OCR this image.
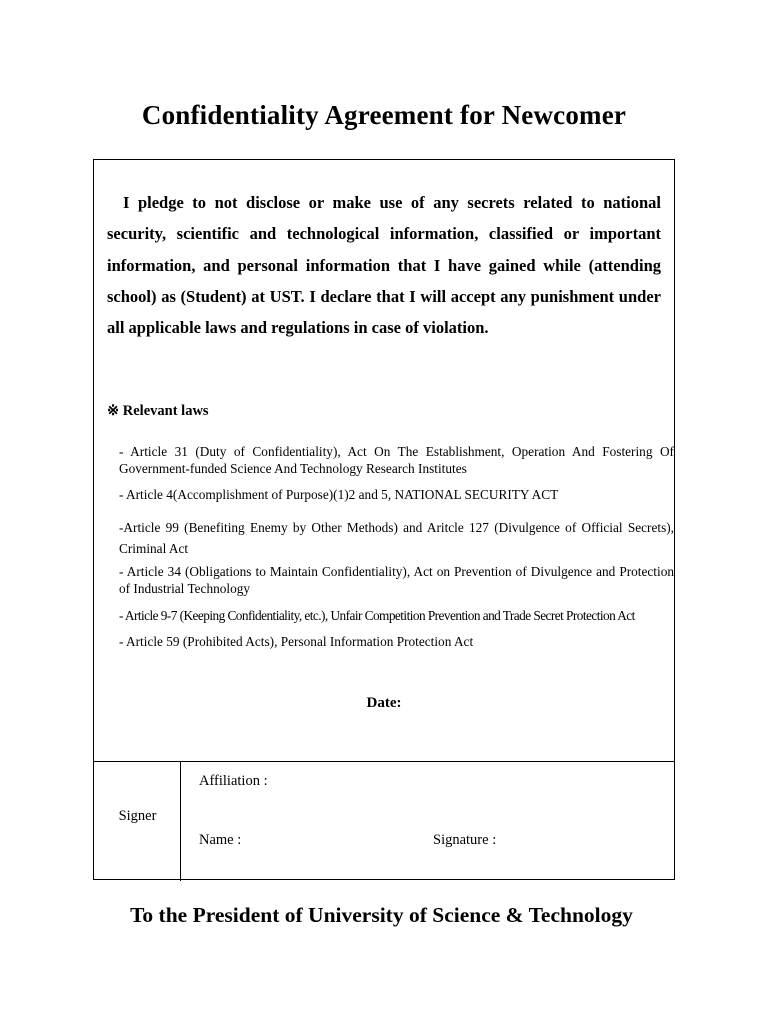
Confidentiality Agreement for Newcomer

I pledge to not disclose or make use of any secrets related to national security, scientific and technological information, classified or important information, and personal information that I have gained while (attending school) as (Student) at UST. I declare that I will accept any punishment under all applicable laws and regulations in case of violation.

※ Relevant laws

- Article 31 (Duty of Confidentiality), Act On The Establishment, Operation And Fostering Of Government-funded Science And Technology Research Institutes

- Article 4(Accomplishment of Purpose)(1)2 and 5, NATIONAL SECURITY ACT

-Article 99 (Benefiting Enemy by Other Methods) and Aritcle 127 (Divulgence of Official Secrets), Criminal Act

- Article 34 (Obligations to Maintain Confidentiality), Act on Prevention of Divulgence and Protection of Industrial Technology

- Article 9-7 (Keeping Confidentiality, etc.), Unfair Competition Prevention and Trade Secret Protection Act

- Article 59 (Prohibited Acts), Personal Information Protection Act

Date:
Signer
Affiliation :
Name :	Signature :
To the President of University of Science & Technology
